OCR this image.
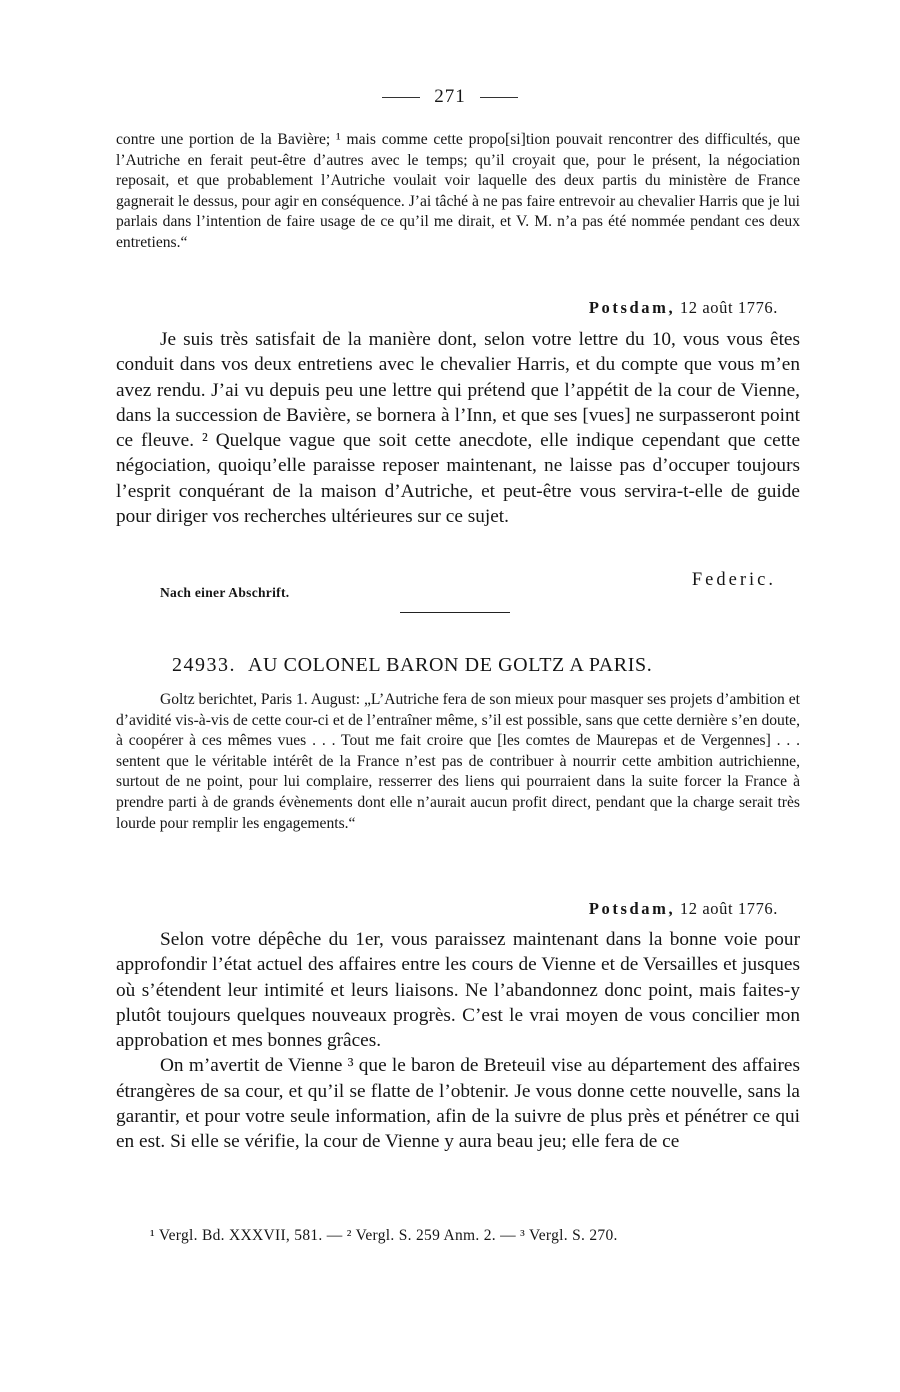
271

contre une portion de la Bavière; ¹ mais comme cette propo[si]tion pouvait rencontrer des difficultés, que l’Autriche en ferait peut-être d’autres avec le temps; qu’il croyait que, pour le présent, la négociation reposait, et que probablement l’Autriche voulait voir laquelle des deux partis du ministère de France gagnerait le dessus, pour agir en conséquence. J’ai tâché à ne pas faire entrevoir au chevalier Harris que je lui parlais dans l’intention de faire usage de ce qu’il me dirait, et V. M. n’a pas été nommée pendant ces deux entretiens.“

Potsdam, 12 août 1776.

Je suis très satisfait de la manière dont, selon votre lettre du 10, vous vous êtes conduit dans vos deux entretiens avec le chevalier Harris, et du compte que vous m’en avez rendu. J’ai vu depuis peu une lettre qui prétend que l’appétit de la cour de Vienne, dans la succession de Bavière, se bornera à l’Inn, et que ses [vues] ne surpasseront point ce fleuve. ² Quelque vague que soit cette anecdote, elle indique cependant que cette négociation, quoiqu’elle paraisse reposer maintenant, ne laisse pas d’occuper toujours l’esprit conquérant de la maison d’Autriche, et peut-être vous servira-t-elle de guide pour diriger vos recherches ultérieures sur ce sujet.

Federic.
Nach einer Abschrift.
24933. AU COLONEL BARON DE GOLTZ A PARIS.

Goltz berichtet, Paris 1. August: „L’Autriche fera de son mieux pour masquer ses projets d’ambition et d’avidité vis-à-vis de cette cour-ci et de l’entraîner même, s’il est possible, sans que cette dernière s’en doute, à coopérer à ces mêmes vues . . . Tout me fait croire que [les comtes de Maurepas et de Vergennes] . . . sentent que le véritable intérêt de la France n’est pas de contribuer à nourrir cette ambition autrichienne, surtout de ne point, pour lui complaire, resserrer des liens qui pourraient dans la suite forcer la France à prendre parti à de grands évènements dont elle n’aurait aucun profit direct, pendant que la charge serait très lourde pour remplir les engagements.“

Potsdam, 12 août 1776.

Selon votre dépêche du 1er, vous paraissez maintenant dans la bonne voie pour approfondir l’état actuel des affaires entre les cours de Vienne et de Versailles et jusques où s’étendent leur intimité et leurs liaisons. Ne l’abandonnez donc point, mais faites-y plutôt toujours quelques nouveaux progrès. C’est le vrai moyen de vous concilier mon approbation et mes bonnes grâces.

On m’avertit de Vienne ³ que le baron de Breteuil vise au département des affaires étrangères de sa cour, et qu’il se flatte de l’obtenir. Je vous donne cette nouvelle, sans la garantir, et pour votre seule information, afin de la suivre de plus près et pénétrer ce qui en est. Si elle se vérifie, la cour de Vienne y aura beau jeu; elle fera de ce

¹ Vergl. Bd. XXXVII, 581. — ² Vergl. S. 259 Anm. 2. — ³ Vergl. S. 270.
